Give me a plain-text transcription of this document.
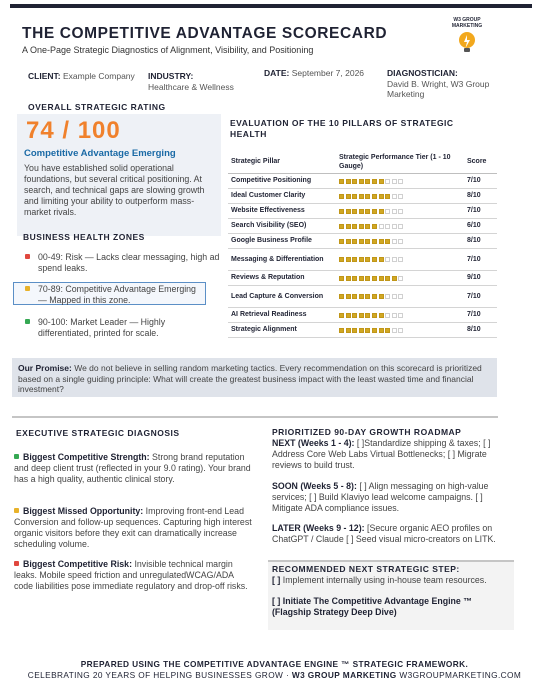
THE COMPETITIVE ADVANTAGE SCORECARD
A One-Page Strategic Diagnostics of Alignment, Visibility, and Positioning
W3 GROUP
MARKETING
CLIENT: Example Company	INDUSTRY:
Healthcare & Wellness
DATE: September 7, 2026	DIAGNOSTICIAN:
David B. Wright, W3 Group Marketing
OVERALL STRATEGIC RATING
74 / 100
Competitive Advantage Emerging
You have established solid operational foundations, but several critical positioning. At search, and technical gaps are slowing growth and limiting your ability to outperform mass-market rivals.
BUSINESS HEALTH ZONES
00-49: Risk — Lacks clear messaging, high ad spend leaks.
70-89: Competitive Advantage Emerging — Mapped in this zone.
90-100: Market Leader — Highly differentiated, printed for scale.
EVALUATION OF THE 10 PILLARS OF STRATEGIC HEALTH
Strategic Pillar	Strategic Performance Tier (1 - 10 Gauge)	Score
Competitive Positioning		7/10
Ideal Customer Clarity		8/10
Website Effectiveness		7/10
Search Visibility (SEO)		6/10
Google Business Profile		8/10
Messaging & Differentiation		7/10
Reviews & Reputation		9/10
Lead Capture & Conversion		7/10
AI Retrieval Readiness		7/10
Strategic Alignment		8/10
Our Promise: We do not believe in selling random marketing tactics. Every recommendation on this scorecard is prioritized based on a single guiding principle: What will create the greatest business impact with the least wasted time and financial investment?
EXECUTIVE STRATEGIC DIAGNOSIS
Biggest Competitive Strength: Strong brand reputation and deep client trust (reflected in your 9.0 rating). Your brand has a high quality, authentic clinical story.
Biggest Missed Opportunity: Improving front-end Lead Conversion and follow-up sequences. Capturing high interest organic visitors before they exit can dramatically increase scheduling volume.
Biggest Competitive Risk: Invisible technical margin leaks. Mobile speed friction and unregulatedWCAG/ADA code liabilities pose immediate regulatory and drop-off risks.
PRIORITIZED 90-DAY GROWTH ROADMAP
NEXT (Weeks 1 - 4): [ ]Standardize shipping & taxes; [ ] Address Core Web Labs Virtual Bottlenecks; [ ] Migrate reviews to build trust.
SOON (Weeks 5 - 8): [ ] Align messaging on high-value services; [ ] Build Klaviyo lead welcome campaigns. [ ] Mitigate ADA compliance issues.
LATER (Weeks 9 - 12): [Secure organic AEO profiles on ChatGPT / Claude [ ] Seed visual micro-creators on LITK.
RECOMMENDED NEXT STRATEGIC STEP:
[ ] Implement internally using in-house team resources.
[ ] Initiate The Competitive Advantage Engine ™ (Flagship Strategy Deep Dive)
PREPARED USING THE COMPETITIVE ADVANTAGE ENGINE ™ STRATEGIC FRAMEWORK.
CELEBRATING 20 YEARS OF HELPING BUSINESSES GROW · W3 GROUP MARKETING W3GROUPMARKETING.COM
